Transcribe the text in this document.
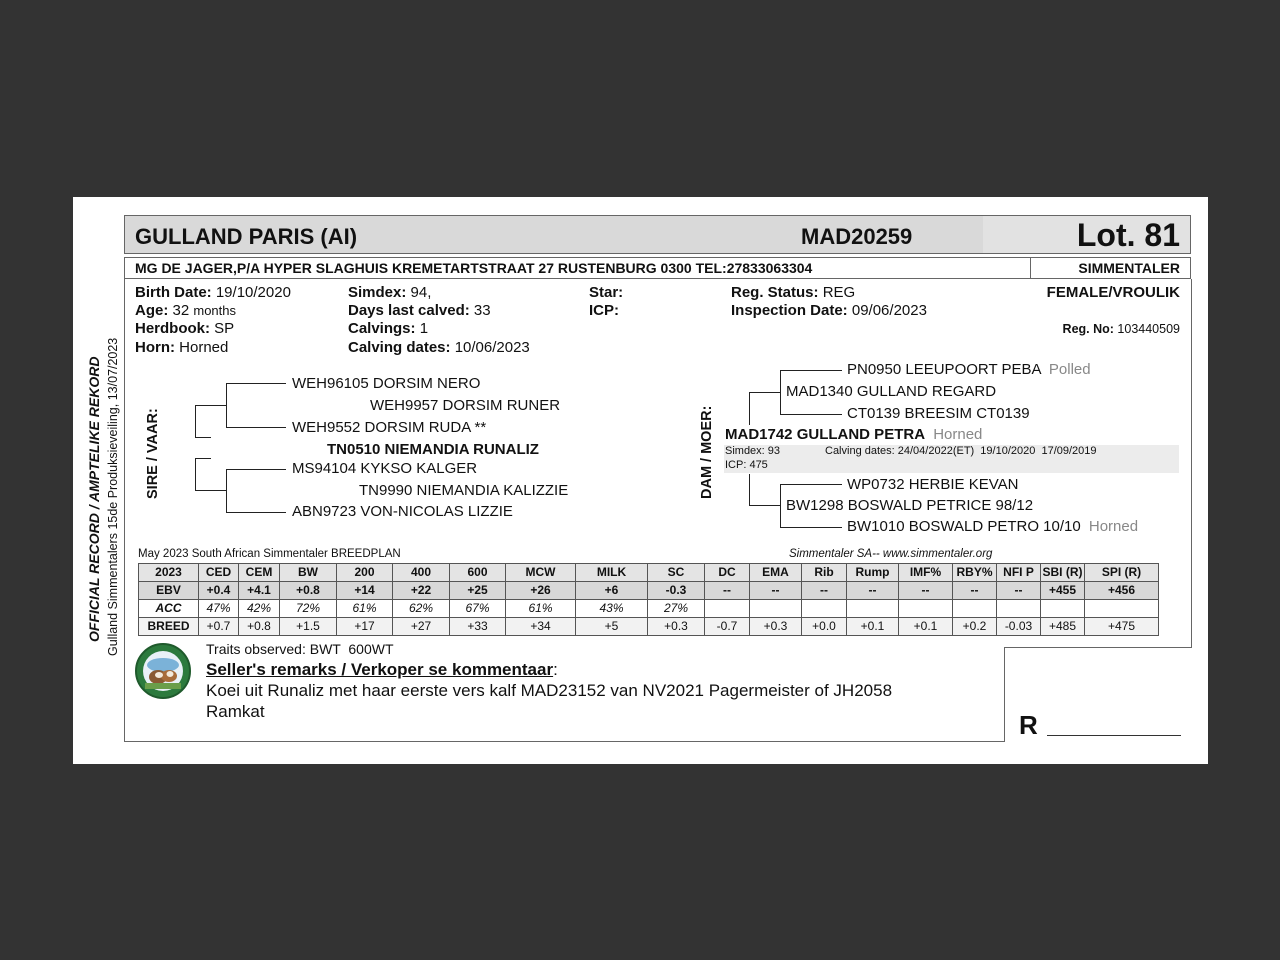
GULLAND PARIS (AI)	MAD20259	Lot. 81
MG DE JAGER,P/A HYPER SLAGHUIS KREMETARTSTRAAT 27 RUSTENBURG 0300 TEL:27833063304	SIMMENTALER
OFFICIAL RECORD / AMPTELIKE REKORD Gulland Simmentalers 15de Produksieveiling, 13/07/2023
Birth Date: 19/10/2020
Age: 32 months
Herdbook: SP
Horn: Horned
Simdex: 94,
Days last calved: 33
Calvings: 1
Calving dates: 10/06/2023
Star:
ICP:
Reg. Status: REG
Inspection Date: 09/06/2023
FEMALE/VROULIK
Reg. No: 103440509
SIRE / VAAR:
WEH96105 DORSIM NERO
WEH9957 DORSIM RUNER
WEH9552 DORSIM RUDA **
TN0510 NIEMANDIA RUNALIZ
MS94104 KYKSO KALGER
TN9990 NIEMANDIA KALIZZIE
ABN9723 VON-NICOLAS LIZZIE
DAM / MOER:
PN0950 LEEUPOORT PEBA Polled
MAD1340 GULLAND REGARD
CT0139 BREESIM CT0139
MAD1742 GULLAND PETRA Horned
Simdex: 93
ICP: 475
Calving dates: 24/04/2022(ET)  19/10/2020  17/09/2019
WP0732 HERBIE KEVAN
BW1298 BOSWALD PETRICE 98/12
BW1010 BOSWALD PETRO 10/10 Horned
May 2023 South African Simmentaler BREEDPLAN	Simmentaler SA-- www.simmentaler.org
2023	CED	CEM	BW	200	400	600	MCW	MILK	SC	DC	EMA	Rib	Rump	IMF%	RBY%	NFI P	SBI (R)	SPI (R)
EBV	+0.4	+4.1	+0.8	+14	+22	+25	+26	+6	-0.3	--	--	--	--	--	--	--	+455	+456
ACC	47%	42%	72%	61%	62%	67%	61%	43%	27%									
BREED	+0.7	+0.8	+1.5	+17	+27	+33	+34	+5	+0.3	-0.7	+0.3	+0.0	+0.1	+0.1	+0.2	-0.03	+485	+475
Traits observed: BWT  600WT
Seller's remarks / Verkoper se kommentaar:
Koei uit Runaliz met haar eerste vers kalf MAD23152 van NV2021 Pagermeister of JH2058
Ramkat	R
